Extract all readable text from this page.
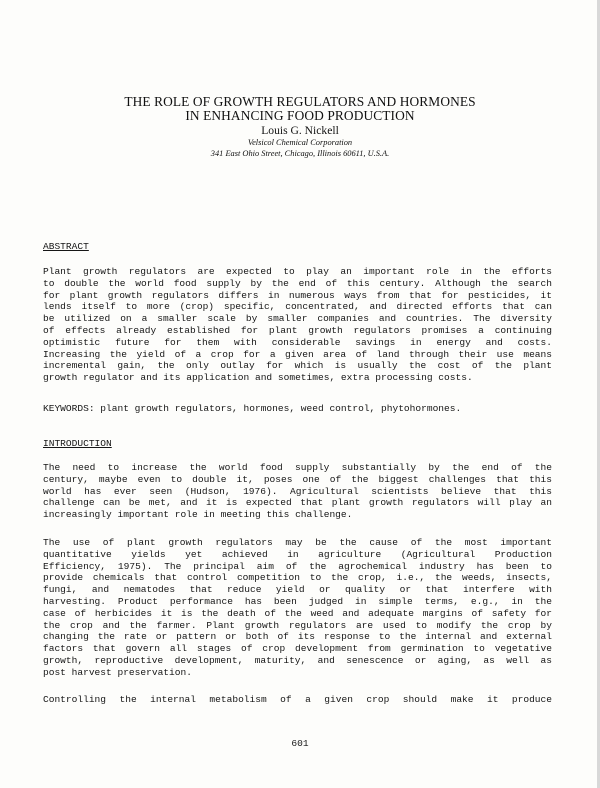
THE ROLE OF GROWTH REGULATORS AND HORMONES
IN ENHANCING FOOD PRODUCTION
Louis G. Nickell
Velsicol Chemical Corporation
341 East Ohio Street, Chicago, Illinois 60611, U.S.A.
ABSTRACT
Plant growth regulators are expected to play an important role in the efforts
to double the world food supply by the end of this century. Although the search
for plant growth regulators differs in numerous ways from that for pesticides, it
lends itself to more (crop) specific, concentrated, and directed efforts that can
be utilized on a smaller scale by smaller companies and countries. The diversity
of effects already established for plant growth regulators promises a continuing
optimistic future for them with considerable savings in energy and costs.
Increasing the yield of a crop for a given area of land through their use means
incremental gain, the only outlay for which is usually the cost of the plant
growth regulator and its application and sometimes, extra processing costs.
KEYWORDS: plant growth regulators, hormones, weed control, phytohormones.
INTRODUCTION
The need to increase the world food supply substantially by the end of the
century, maybe even to double it, poses one of the biggest challenges that this
world has ever seen (Hudson, 1976). Agricultural scientists believe that this
challenge can be met, and it is expected that plant growth regulators will play an
increasingly important role in meeting this challenge.
The use of plant growth regulators may be the cause of the most important
quantitative yields yet achieved in agriculture (Agricultural Production
Efficiency, 1975). The principal aim of the agrochemical industry has been to
provide chemicals that control competition to the crop, i.e., the weeds, insects,
fungi, and nematodes that reduce yield or quality or that interfere with
harvesting. Product performance has been judged in simple terms, e.g., in the
case of herbicides it is the death of the weed and adequate margins of safety for
the crop and the farmer. Plant growth regulators are used to modify the crop by
changing the rate or pattern or both of its response to the internal and external
factors that govern all stages of crop development from germination to vegetative
growth, reproductive development, maturity, and senescence or aging, as well as
post harvest preservation.
Controlling the internal metabolism of a given crop should make it produce
601
